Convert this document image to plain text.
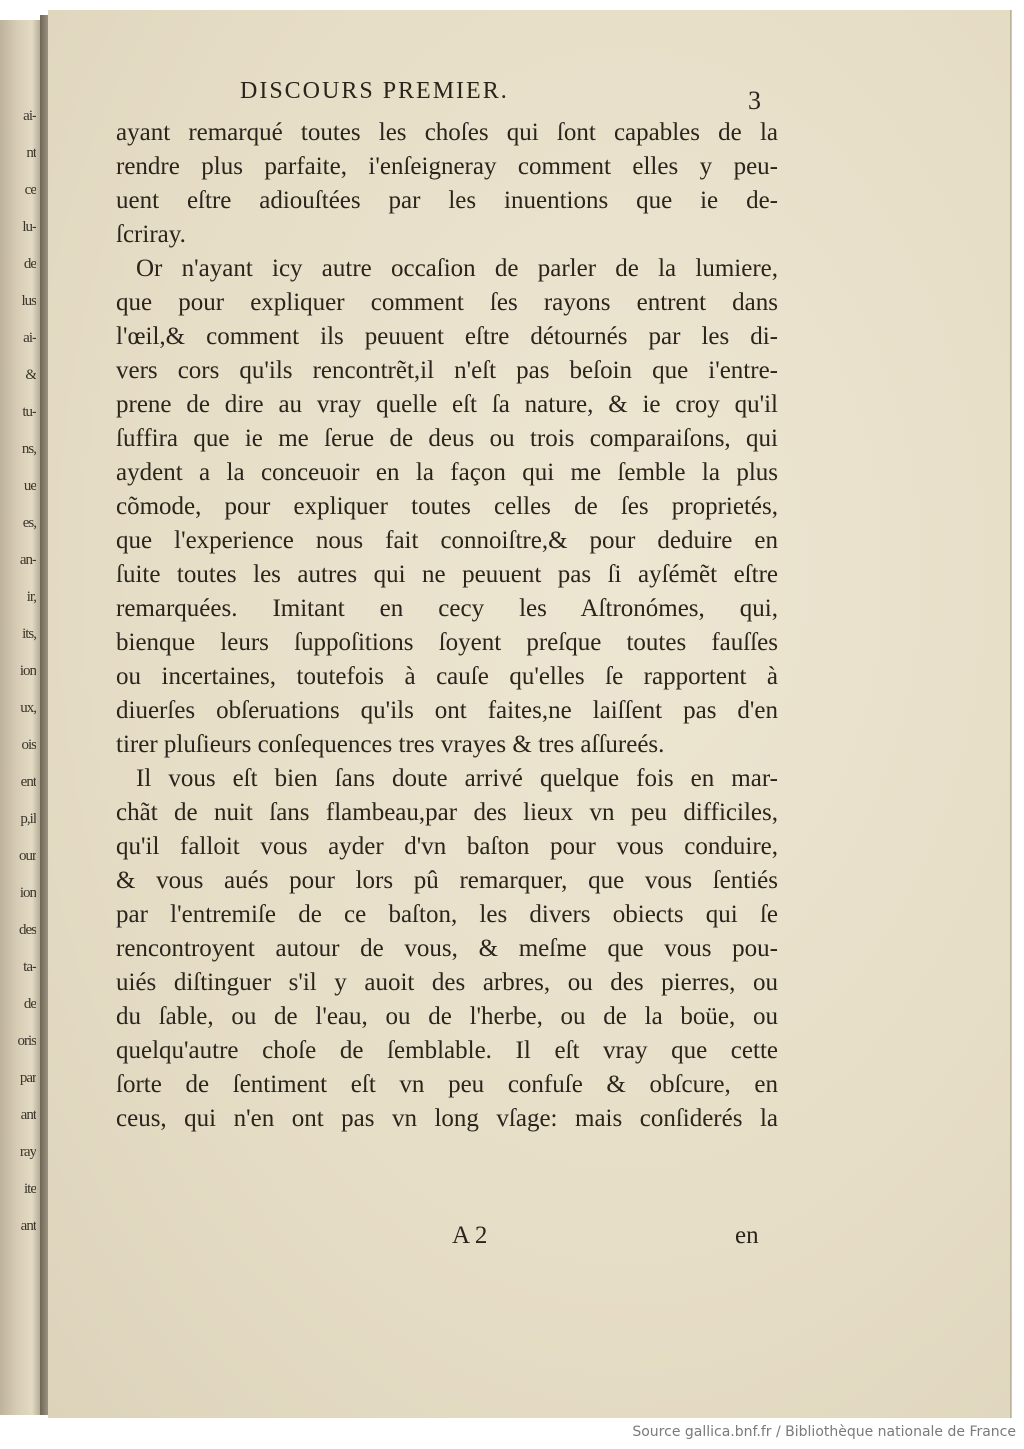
ai-
nt
ce
lu-
de
lus
ai-
&
tu-
ns,
ue
es,
an-
ir,
its,
ion
ux,
ois
ent
p,il
our
ion
des
ta-
de
oris
par
ant
ray
ite
ant
DISCOURS PREMIER.	3
ayant remarqué toutes les choſes qui ſont capables de la
rendre plus parfaite, i'enſeigneray comment elles y peu-
uent eſtre adiouſtées par les inuentions que ie de-
ſcriray.
Or n'ayant icy autre occaſion de parler de la lumiere,
que pour expliquer comment ſes rayons entrent dans
l'œil,& comment ils peuuent eſtre détournés par les di-
vers cors qu'ils rencontrẽt,il n'eſt pas beſoin que i'entre-
prene de dire au vray quelle eſt ſa nature, & ie croy qu'il
ſuffira que ie me ſerue de deus ou trois comparaiſons, qui
aydent a la conceuoir en la façon qui me ſemble la plus
cõmode, pour expliquer toutes celles de ſes proprietés,
que l'experience nous fait connoiſtre,& pour deduire en
ſuite toutes les autres qui ne peuuent pas ſi ayſémẽt eſtre
remarquées. Imitant en cecy les Aſtronómes, qui,
bienque leurs ſuppoſitions ſoyent preſque toutes fauſſes
ou incertaines, toutefois à cauſe qu'elles ſe rapportent à
diuerſes obſeruations qu'ils ont faites,ne laiſſent pas d'en
tirer pluſieurs conſequences tres vrayes & tres aſſureés.
Il vous eſt bien ſans doute arrivé quelque fois en mar-
chãt de nuit ſans flambeau,par des lieux vn peu difficiles,
qu'il falloit vous ayder d'vn baſton pour vous conduire,
& vous aués pour lors pû remarquer, que vous ſentiés
par l'entremiſe de ce baſton, les divers obiects qui ſe
rencontroyent autour de vous, & meſme que vous pou-
uiés diſtinguer s'il y auoit des arbres, ou des pierres, ou
du ſable, ou de l'eau, ou de l'herbe, ou de la boüe, ou
quelqu'autre choſe de ſemblable. Il eſt vray que cette
ſorte de ſentiment eſt vn peu confuſe & obſcure, en
ceus, qui n'en ont pas vn long vſage: mais conſiderés la
A 2	en
Source gallica.bnf.fr / Bibliothèque nationale de France
